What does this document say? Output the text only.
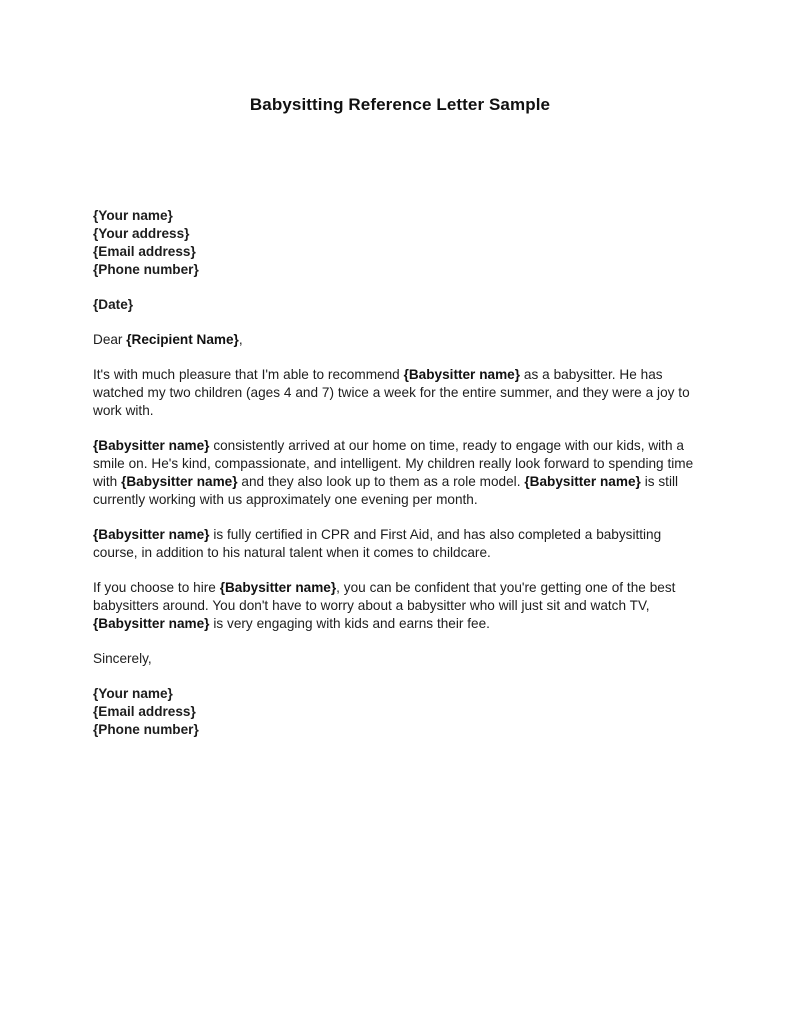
Babysitting Reference Letter Sample
{Your name}
{Your address}
{Email address}
{Phone number}
{Date}
Dear {Recipient Name},

It's with much pleasure that I'm able to recommend {Babysitter name} as a babysitter. He has watched my two children (ages 4 and 7) twice a week for the entire summer, and they were a joy to work with.

{Babysitter name} consistently arrived at our home on time, ready to engage with our kids, with a smile on. He's kind, compassionate, and intelligent. My children really look forward to spending time with {Babysitter name} and they also look up to them as a role model. {Babysitter name} is still currently working with us approximately one evening per month.

{Babysitter name} is fully certified in CPR and First Aid, and has also completed a babysitting course, in addition to his natural talent when it comes to childcare.

If you choose to hire {Babysitter name}, you can be confident that you're getting one of the best babysitters around. You don't have to worry about a babysitter who will just sit and watch TV, {Babysitter name} is very engaging with kids and earns their fee.

Sincerely,
{Your name}
{Email address}
{Phone number}
